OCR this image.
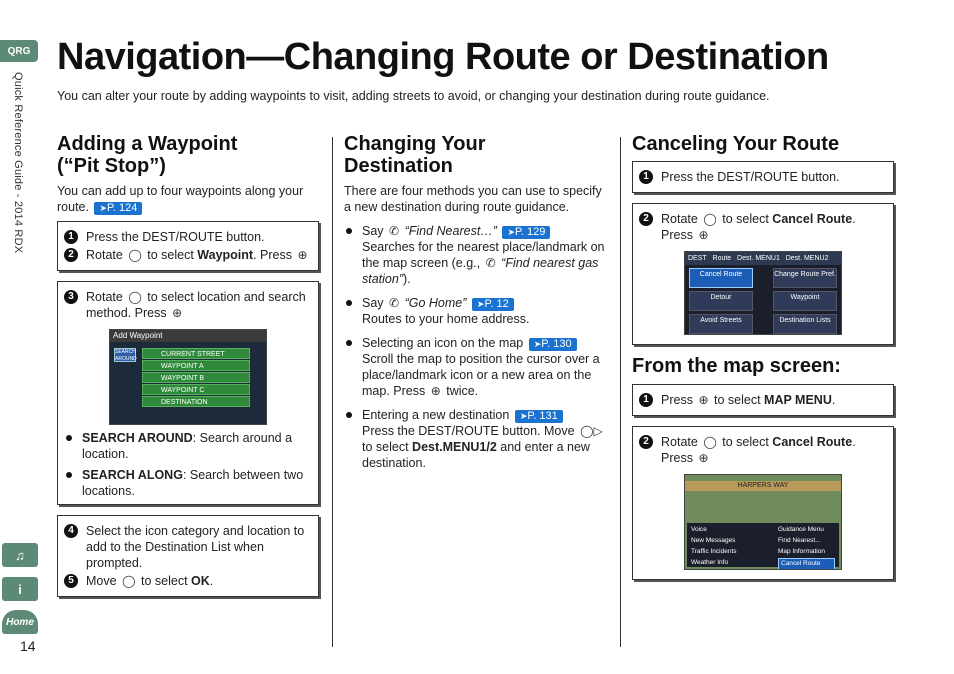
QRG
Quick Reference Guide - 2014 RDX
♫
i
Home
14
Navigation—Changing Route or Destination
You can alter your route by adding waypoints to visit, adding streets to avoid, or changing your destination during route guidance.
Adding a Waypoint (“Pit Stop”)

You can add up to four waypoints along your route. ➤ P. 124

1 Press the DEST/ROUTE button.
2 Rotate ◯ to select Waypoint. Press ⊕
3 Rotate ◯ to select location and search method. Press ⊕
Add Waypoint
SEARCH AROUND
CURRENT STREET
WAYPOINT A
WAYPOINT B
WAYPOINT C
DESTINATION
SEARCH AROUND: Search around a location.
SEARCH ALONG: Search between two locations.
4 Select the icon category and location to add to the Destination List when prompted.
5 Move ◯ to select OK.
Changing Your Destination

There are four methods you can use to specify a new destination during route guidance.

Say ✆ “Find Nearest…” ➤ P. 129
Searches for the nearest place/landmark on the map screen (e.g., ✆ “Find nearest gas station”).
Say ✆ “Go Home” ➤ P. 12
Routes to your home address.
Selecting an icon on the map ➤ P. 130
Scroll the map to position the cursor over a place/landmark icon or a new area on the map. Press ⊕ twice.
Entering a new destination ➤ P. 131
Press the DEST/ROUTE button. Move ◯▷
to select Dest.MENU1/2 and enter a new destination.
Canceling Your Route
1 Press the DEST/ROUTE button.
2 Rotate ◯ to select Cancel Route. Press ⊕
DEST Route Dest. MENU1 Dest. MENU2
Cancel Route	Change Route Pref.
Detour	Waypoint
Avoid Streets	Destination Lists
From the map screen:
1 Press ⊕ to select MAP MENU.
2 Rotate ◯ to select Cancel Route. Press ⊕
HARPERS WAY
Voice	Guidance Menu
New Messages	Find Nearest...
Traffic Incidents	Map Information
Weather Info	Cancel Route
